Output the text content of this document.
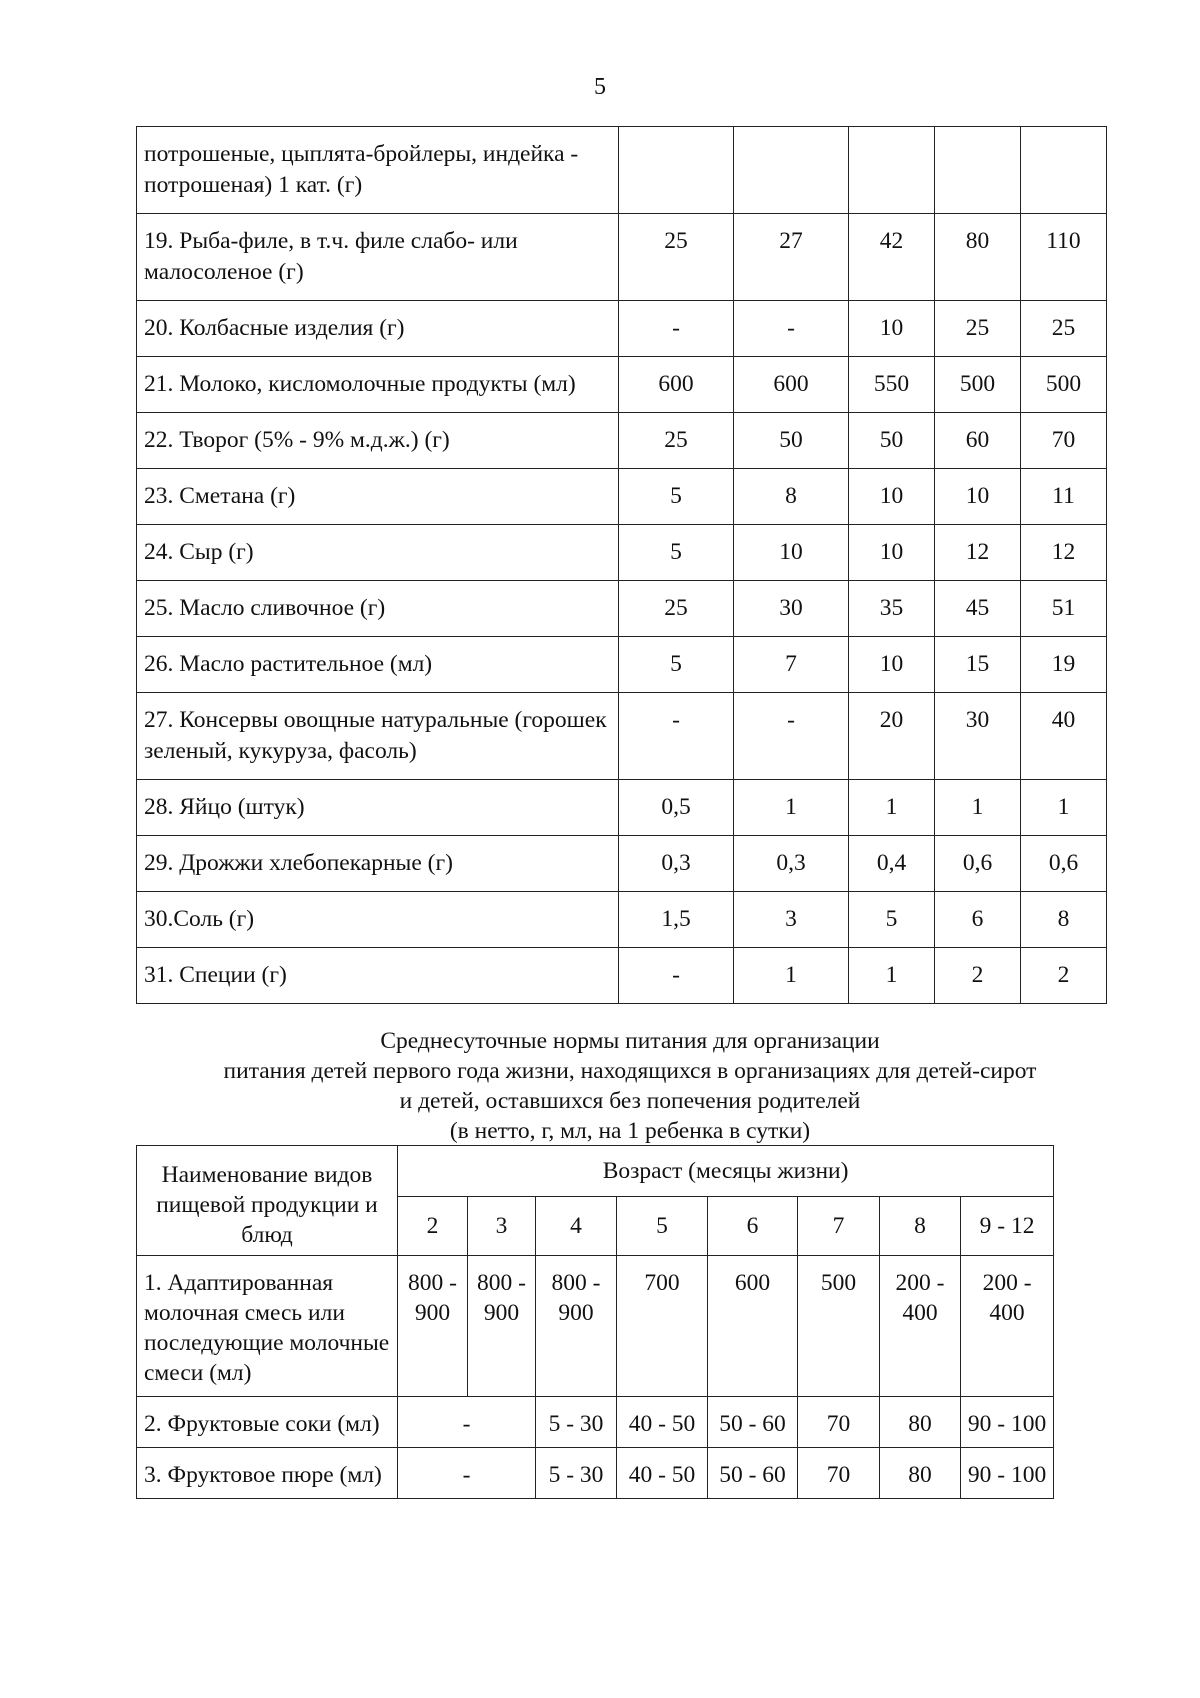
5
потрошеные, цыплята-бройлеры, индейка - потрошеная) 1 кат. (г)					
19. Рыба-филе, в т.ч. филе слабо- или малосоленое (г)	25	27	42	80	110
20. Колбасные изделия (г)	-	-	10	25	25
21. Молоко, кисломолочные продукты (мл)	600	600	550	500	500
22. Творог (5% - 9% м.д.ж.) (г)	25	50	50	60	70
23. Сметана (г)	5	8	10	10	11
24. Сыр (г)	5	10	10	12	12
25. Масло сливочное (г)	25	30	35	45	51
26. Масло растительное (мл)	5	7	10	15	19
27. Консервы овощные натуральные (горошек зеленый, кукуруза, фасоль)	-	-	20	30	40
28. Яйцо (штук)	0,5	1	1	1	1
29. Дрожжи хлебопекарные (г)	0,3	0,3	0,4	0,6	0,6
30.Соль (г)	1,5	3	5	6	8
31. Специи (г)	-	1	1	2	2
Среднесуточные нормы питания для организации
питания детей первого года жизни, находящихся в организациях для детей-сирот
и детей, оставшихся без попечения родителей
(в нетто, г, мл, на 1 ребенка в сутки)
Наименование видов пищевой продукции и блюд	Возраст (месяцы жизни)							
	2	3	4	5	6	7	8	9 - 12
1. Адаптированная молочная смесь или последующие молочные смеси (мл)	800 - 900	800 - 900	800 - 900	700	600	500	200 - 400	200 - 400
2. Фруктовые соки (мл)	-		5 - 30	40 - 50	50 - 60	70	80	90 - 100
3. Фруктовое пюре (мл)	-		5 - 30	40 - 50	50 - 60	70	80	90 - 100
